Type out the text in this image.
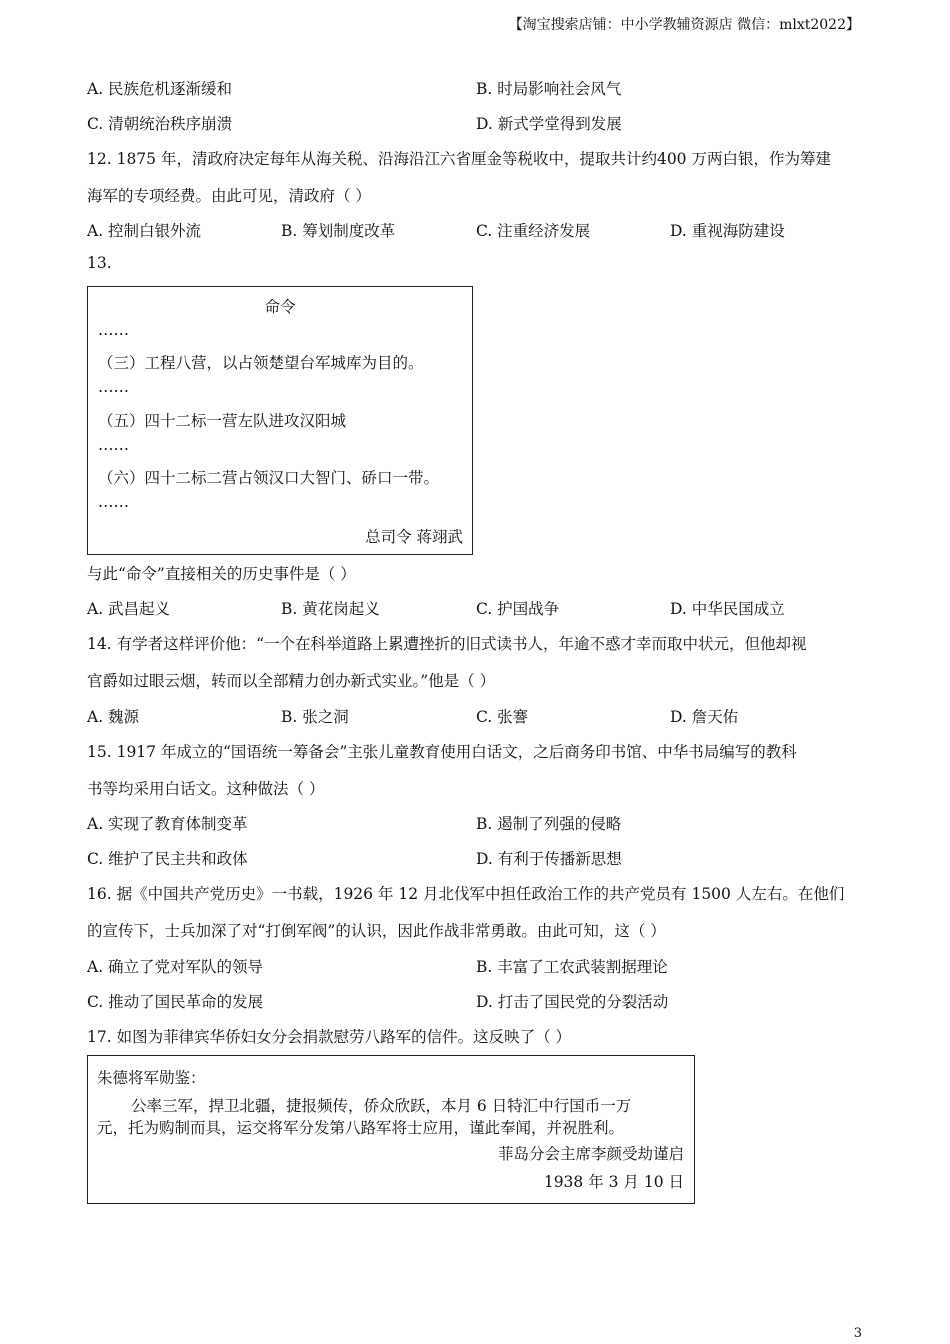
【淘宝搜索店铺：中小学教辅资源店 微信：mlxt2022】
A. 民族危机逐渐缓和	B. 时局影响社会风气
C. 清朝统治秩序崩溃	D. 新式学堂得到发展
12. 1875 年，清政府决定每年从海关税、沿海沿江六省厘金等税收中，提取共计约400 万两白银，作为筹建
海军的专项经费。由此可见，清政府（ ）
A. 控制白银外流	B. 筹划制度改革	C. 注重经济发展	D. 重视海防建设
13.
命令
……
（三）工程八营，以占领楚望台军城库为目的。
……
（五）四十二标一营左队进攻汉阳城
……
（六）四十二标二营占领汉口大智门、硚口一带。
……
总司令 蒋翊武
与此“命令”直接相关的历史事件是（ ）
A. 武昌起义	B. 黄花岗起义	C. 护国战争	D. 中华民国成立
14. 有学者这样评价他：“一个在科举道路上累遭挫折的旧式读书人，年逾不惑才幸而取中状元，但他却视
官爵如过眼云烟，转而以全部精力创办新式实业。”他是（ ）
A. 魏源	B. 张之洞	C. 张謇	D. 詹天佑
15. 1917 年成立的“国语统一筹备会”主张儿童教育使用白话文，之后商务印书馆、中华书局编写的教科
书等均采用白话文。这种做法（ ）
A. 实现了教育体制变革	B. 遏制了列强的侵略
C. 维护了民主共和政体	D. 有利于传播新思想
16. 据《中国共产党历史》一书载，1926 年 12 月北伐军中担任政治工作的共产党员有 1500 人左右。在他们
的宣传下，士兵加深了对“打倒军阀”的认识，因此作战非常勇敢。由此可知，这（ ）
A. 确立了党对军队的领导	B. 丰富了工农武装割据理论
C. 推动了国民革命的发展	D. 打击了国民党的分裂活动
17. 如图为菲律宾华侨妇女分会捐款慰劳八路军的信件。这反映了（ ）
朱德将军勋鉴：
公率三军，捍卫北疆，捷报频传，侨众欣跃，本月 6 日特汇中行国币一万
元，托为购制而具，运交将军分发第八路军将士应用，谨此奉闻，并祝胜利。
菲岛分会主席李颜受劫谨启
1938 年 3 月 10 日
3
